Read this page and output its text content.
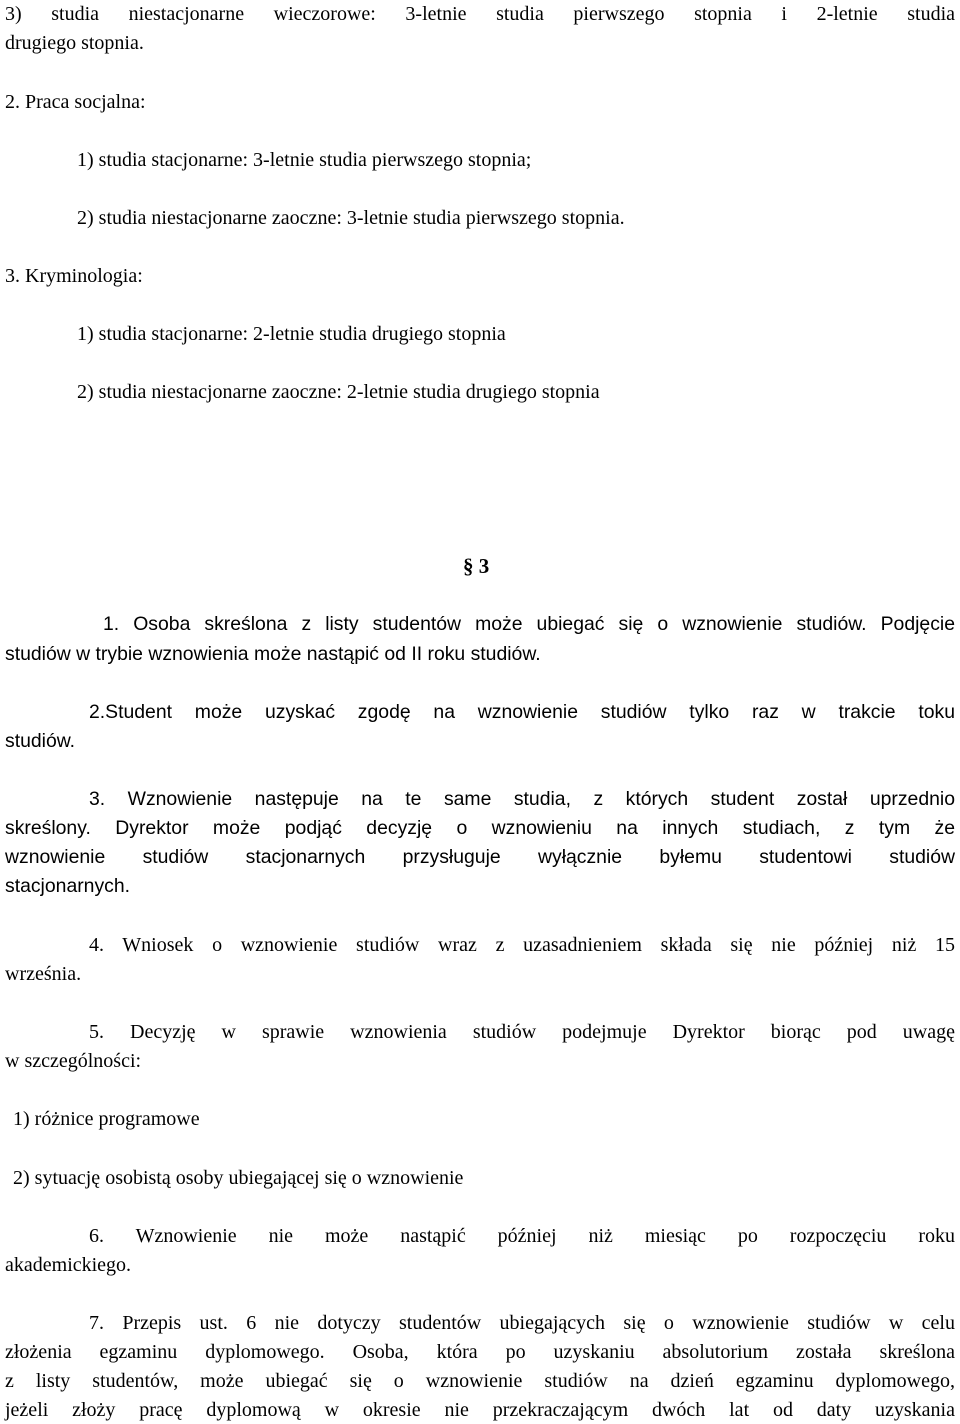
3) studia niestacjonarne wieczorowe: 3-letnie studia pierwszego stopnia i 2-letnie studia
drugiego stopnia.
2. Praca socjalna:
1) studia stacjonarne: 3-letnie studia pierwszego stopnia;
2) studia niestacjonarne zaoczne: 3-letnie studia pierwszego stopnia.
3. Kryminologia:
1) studia stacjonarne: 2-letnie studia drugiego stopnia
2) studia niestacjonarne zaoczne: 2-letnie studia drugiego stopnia
§ 3
1. Osoba skreślona z listy studentów może ubiegać się o wznowienie studiów. Podjęcie
studiów w trybie wznowienia może nastąpić od II roku studiów.
2.Student może uzyskać zgodę na wznowienie studiów tylko raz w trakcie toku
studiów.
3. Wznowienie następuje na te same studia, z których student został uprzednio
skreślony. Dyrektor może podjąć decyzję o wznowieniu na innych studiach, z tym że
wznowienie studiów stacjonarnych przysługuje wyłącznie byłemu studentowi studiów
stacjonarnych.
4. Wniosek o wznowienie studiów wraz z uzasadnieniem składa się nie później niż 15
września.
5. Decyzję w sprawie wznowienia studiów podejmuje Dyrektor biorąc pod uwagę
w szczególności:
1) różnice programowe
2) sytuację osobistą osoby ubiegającej się o wznowienie
6. Wznowienie nie może nastąpić później niż miesiąc po rozpoczęciu roku
akademickiego.
7. Przepis ust. 6 nie dotyczy studentów ubiegających się o wznowienie studiów w celu
złożenia egzaminu dyplomowego. Osoba, która po uzyskaniu absolutorium została skreślona
z listy studentów, może ubiegać się o wznowienie studiów na dzień egzaminu dyplomowego,
jeżeli złoży pracę dyplomową w okresie nie przekraczającym dwóch lat od daty uzyskania
